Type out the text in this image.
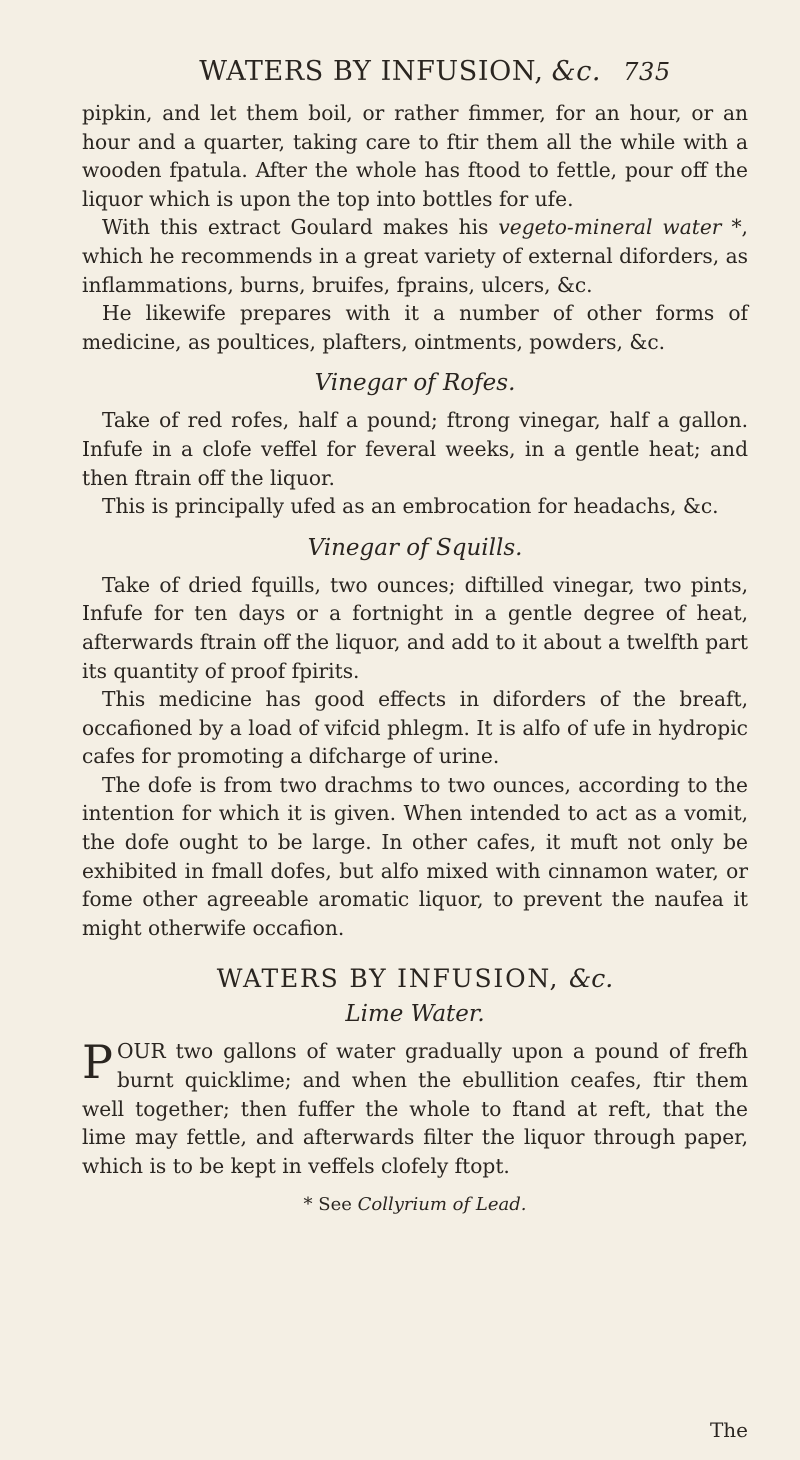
WATERS BY INFUSION, &c. 735

pipkin, and let them boil, or rather fimmer, for an hour, or an hour and a quarter, taking care to ftir them all the while with a wooden fpatula. After the whole has ftood to fettle, pour off the liquor which is upon the top into bottles for ufe.

With this extract Goulard makes his vegeto-mineral water *, which he recommends in a great variety of external diforders, as inflammations, burns, bruifes, fprains, ulcers, &c.

He likewife prepares with it a number of other forms of medicine, as poultices, plafters, ointments, powders, &c.

Vinegar of Rofes.

Take of red rofes, half a pound; ftrong vinegar, half a gallon. Infufe in a clofe veffel for feveral weeks, in a gentle heat; and then ftrain off the liquor.

This is principally ufed as an embrocation for headachs, &c.

Vinegar of Squills.

Take of dried fquills, two ounces; diftilled vinegar, two pints, Infufe for ten days or a fortnight in a gentle degree of heat, afterwards ftrain off the liquor, and add to it about a twelfth part its quantity of proof fpirits.

This medicine has good effects in diforders of the breaft, occafioned by a load of vifcid phlegm. It is alfo of ufe in hydropic cafes for promoting a difcharge of urine.

The dofe is from two drachms to two ounces, according to the intention for which it is given. When intended to act as a vomit, the dofe ought to be large. In other cafes, it muft not only be exhibited in fmall dofes, but alfo mixed with cinnamon water, or fome other agreeable aromatic liquor, to prevent the naufea it might otherwife occafion.

WATERS BY INFUSION, &c.
Lime Water.

POUR two gallons of water gradually upon a pound of frefh burnt quicklime; and when the ebullition ceafes, ftir them well together; then fuffer the whole to ftand at reft, that the lime may fettle, and afterwards filter the liquor through paper, which is to be kept in veffels clofely ftopt.

* See Collyrium of Lead.
The
